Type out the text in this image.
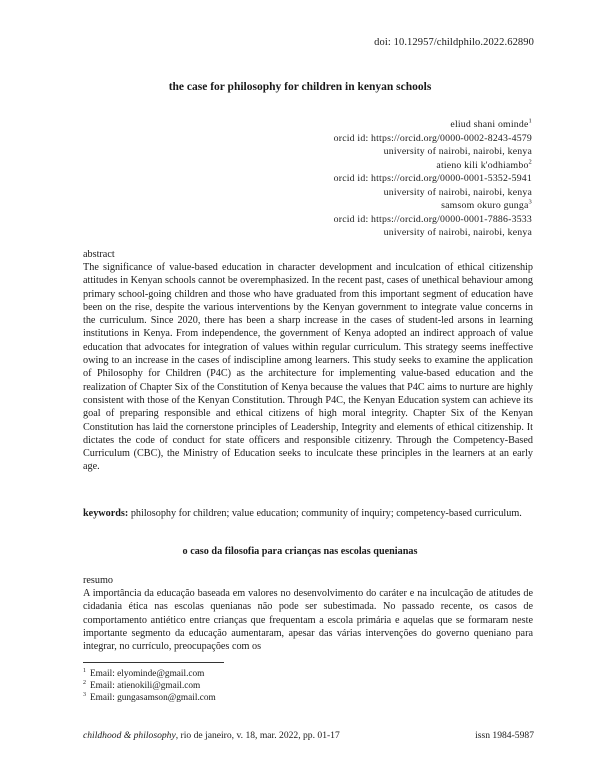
doi: 10.12957/childphilo.2022.62890
the case for philosophy for children in kenyan schools
eliud shani ominde$^1$
orcid id: https://orcid.org/0000-0002-8243-4579
university of nairobi, nairobi, kenya
atieno kili k'odhiambo$^2$
orcid id: https://orcid.org/0000-0001-5352-5941
university of nairobi, nairobi, kenya
samsom okuro gunga$^3$
orcid id: https://orcid.org/0000-0001-7886-3533
university of nairobi, nairobi, kenya
abstract

The significance of value-based education in character development and inculcation of ethical citizenship attitudes in Kenyan schools cannot be overemphasized. In the recent past, cases of unethical behaviour among primary school-going children and those who have graduated from this important segment of education have been on the rise, despite the various interventions by the Kenyan government to integrate value concerns in the curriculum. Since 2020, there has been a sharp increase in the cases of student-led arsons in learning institutions in Kenya. From independence, the government of Kenya adopted an indirect approach of value education that advocates for integration of values within regular curriculum. This strategy seems ineffective owing to an increase in the cases of indiscipline among learners. This study seeks to examine the application of Philosophy for Children (P4C) as the architecture for implementing value-based education and the realization of Chapter Six of the Constitution of Kenya because the values that P4C aims to nurture are highly consistent with those of the Kenyan Constitution. Through P4C, the Kenyan Education system can achieve its goal of preparing responsible and ethical citizens of high moral integrity. Chapter Six of the Kenyan Constitution has laid the cornerstone principles of Leadership, Integrity and elements of ethical citizenship. It dictates the code of conduct for state officers and responsible citizenry. Through the Competency-Based Curriculum (CBC), the Ministry of Education seeks to inculcate these principles in the learners at an early age.

keywords: philosophy for children; value education; community of inquiry; competency-based curriculum.

o caso da filosofia para crianças nas escolas quenianas
resumo

A importância da educação baseada em valores no desenvolvimento do caráter e na inculcação de atitudes de cidadania ética nas escolas quenianas não pode ser subestimada. No passado recente, os casos de comportamento antiético entre crianças que frequentam a escola primária e aquelas que se formaram neste importante segmento da educação aumentaram, apesar das várias intervenções do governo queniano para integrar, no currículo, preocupações com os

$^1$ Email: elyominde@gmail.com
$^2$ Email: atienokili@gmail.com
$^3$ Email: gungasamson@gmail.com
childhood & philosophy, rio de janeiro, v. 18, mar. 2022, pp. 01-17	issn 1984-5987
